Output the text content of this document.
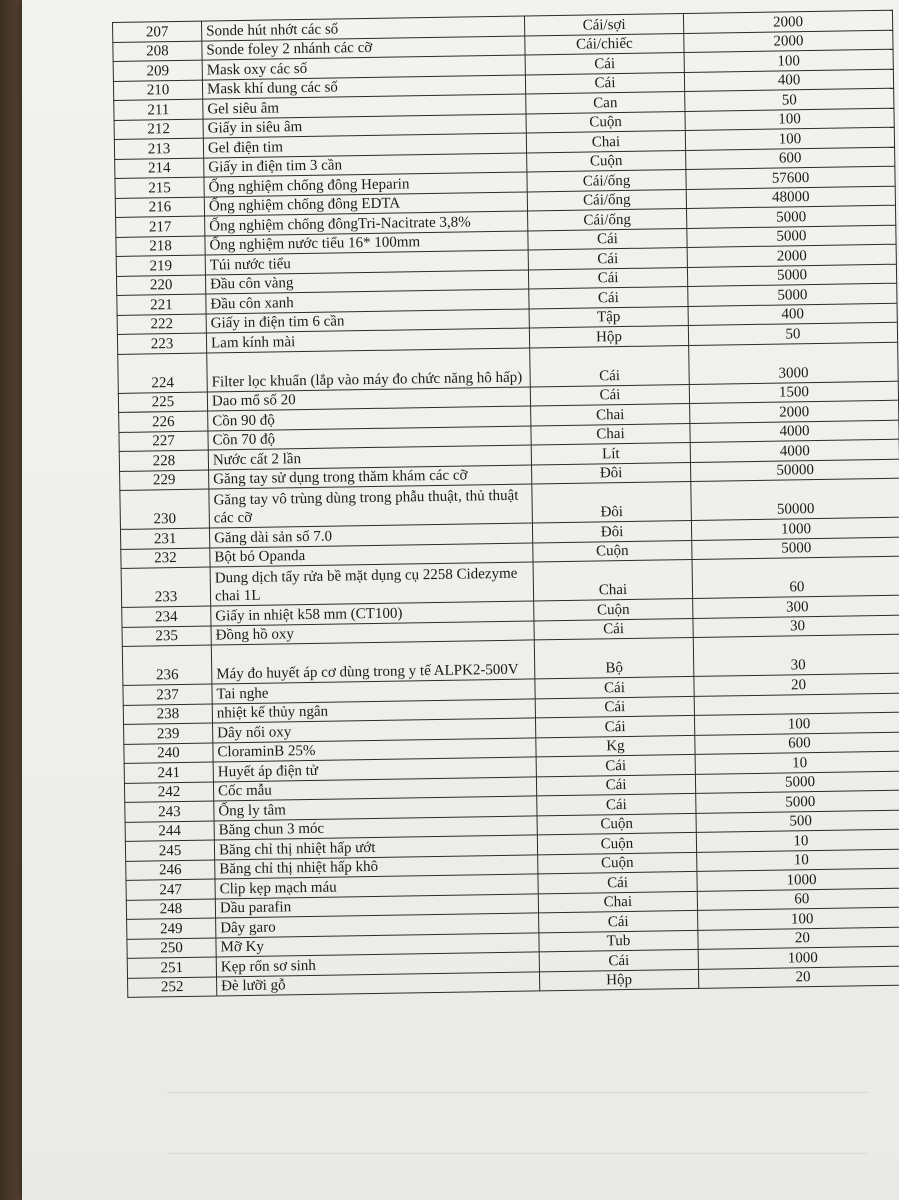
207	Sonde hút nhớt các số	Cái/sợi	2000
208	Sonde foley 2 nhánh các cỡ	Cái/chiếc	2000
209	Mask oxy các số	Cái	100
210	Mask khí dung các số	Cái	400
211	Gel siêu âm	Can	50
212	Giấy in siêu âm	Cuộn	100
213	Gel điện tim	Chai	100
214	Giấy in điện tim 3 cần	Cuộn	600
215	Ống nghiệm chống đông Heparin	Cái/ống	57600
216	Ống nghiệm chống đông EDTA	Cái/ống	48000
217	Ống nghiệm chống đôngTri-Nacitrate 3,8%	Cái/ống	5000
218	Ống nghiệm nước tiểu 16* 100mm	Cái	5000
219	Túi nước tiểu	Cái	2000
220	Đầu côn vàng	Cái	5000
221	Đầu côn xanh	Cái	5000
222	Giấy in điện tim 6 cần	Tập	400
223	Lam kính mài	Hộp	50
224	Filter lọc khuẩn (lắp vào máy đo chức năng hô hấp)	Cái	3000
225	Dao mổ số 20	Cái	1500
226	Cồn 90 độ	Chai	2000
227	Cồn 70 độ	Chai	4000
228	Nước cất 2 lần	Lít	4000
229	Găng tay sử dụng trong thăm khám các cỡ	Đôi	50000
230	Găng tay vô trùng dùng trong phẫu thuật, thủ thuật các cỡ	Đôi	50000
231	Găng dài sản số 7.0	Đôi	1000
232	Bột bó Opanda	Cuộn	5000
233	Dung dịch tẩy rửa bề mặt dụng cụ 2258 Cidezyme chai 1L	Chai	60
234	Giấy in nhiệt k58 mm (CT100)	Cuộn	300
235	Đồng hồ oxy	Cái	30
236	Máy đo huyết áp cơ dùng trong y tế ALPK2-500V	Bộ	30
237	Tai nghe	Cái	20
238	nhiệt kế thủy ngân	Cái	
239	Dây nối oxy	Cái	100
240	CloraminB 25%	Kg	600
241	Huyết áp điện tử	Cái	10
242	Cốc mẫu	Cái	5000
243	Ống ly tâm	Cái	5000
244	Băng chun 3 móc	Cuộn	500
245	Băng chỉ thị nhiệt hấp ướt	Cuộn	10
246	Băng chỉ thị nhiệt hấp khô	Cuộn	10
247	Clip kẹp mạch máu	Cái	1000
248	Dầu parafin	Chai	60
249	Dây garo	Cái	100
250	Mỡ Ky	Tub	20
251	Kẹp rốn sơ sinh	Cái	1000
252	Đè lưỡi gỗ	Hộp	20
